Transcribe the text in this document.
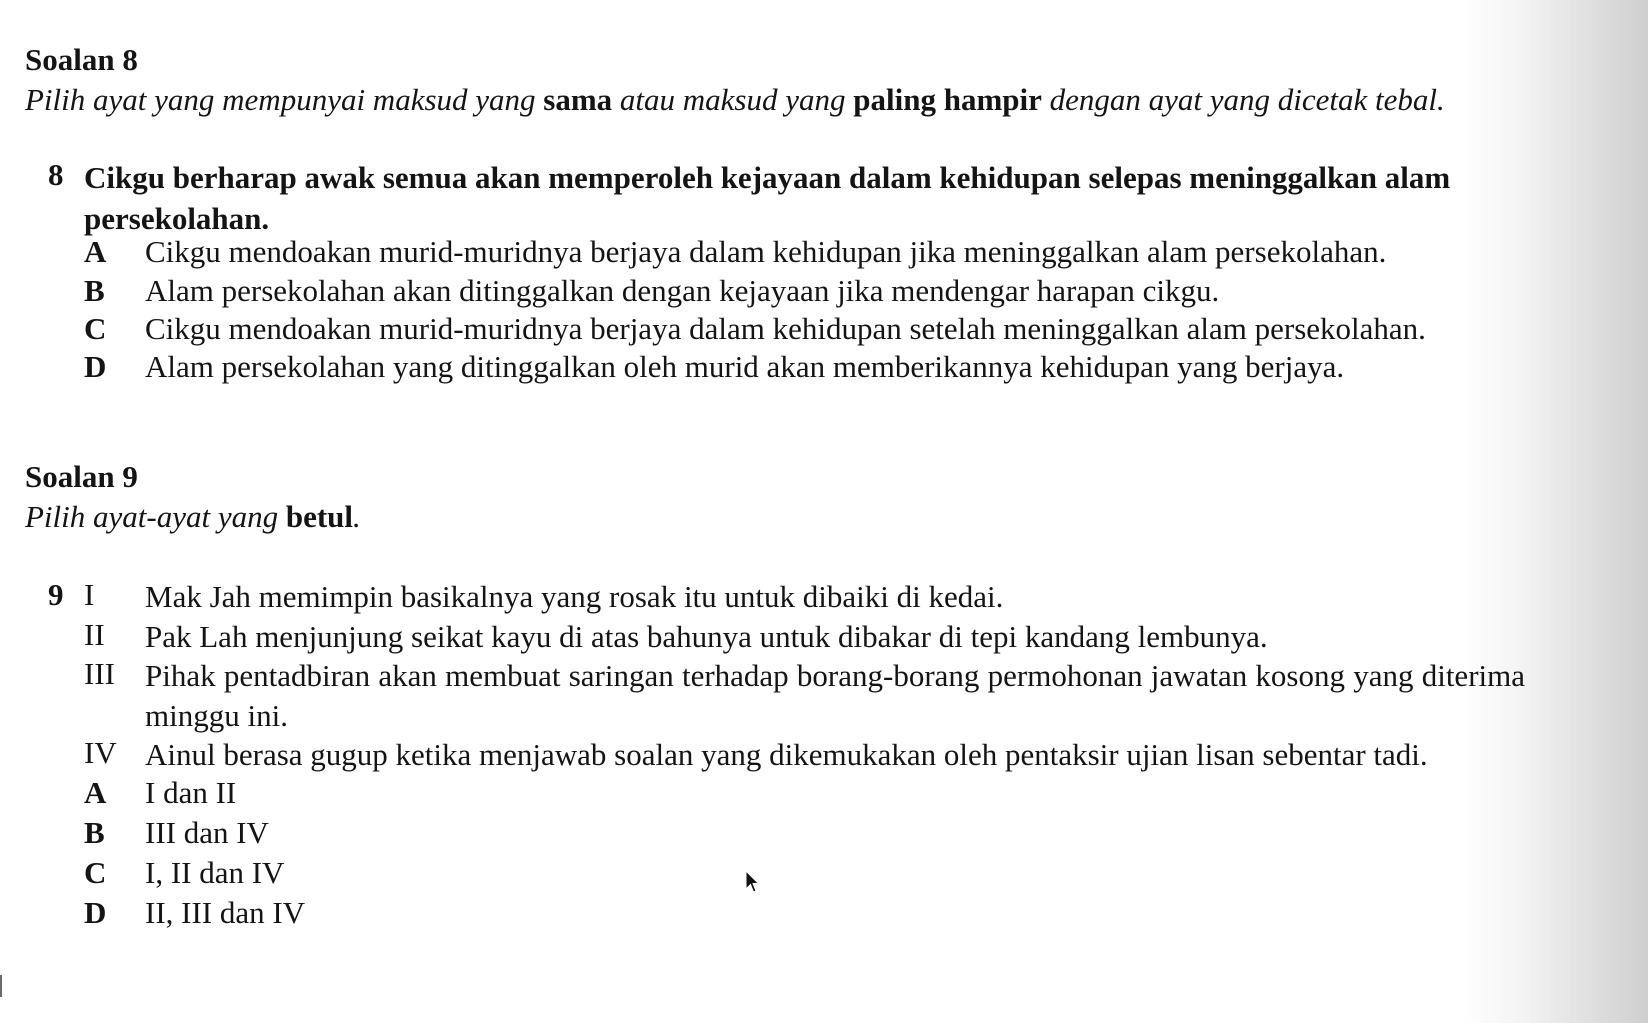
Soalan 8

Pilih ayat yang mempunyai maksud yang sama atau maksud yang paling hampir dengan ayat yang dicetak tebal.

8 Cikgu berharap awak semua akan memperoleh kejayaan dalam kehidupan selepas meninggalkan alam persekolahan.

A Cikgu mendoakan murid-muridnya berjaya dalam kehidupan jika meninggalkan alam persekolahan.

B Alam persekolahan akan ditinggalkan dengan kejayaan jika mendengar harapan cikgu.

C Cikgu mendoakan murid-muridnya berjaya dalam kehidupan setelah meninggalkan alam persekolahan.

D Alam persekolahan yang ditinggalkan oleh murid akan memberikannya kehidupan yang berjaya.

Soalan 9

Pilih ayat-ayat yang betul.

9 I Mak Jah memimpin basikalnya yang rosak itu untuk dibaiki di kedai.

II Pak Lah menjunjung seikat kayu di atas bahunya untuk dibakar di tepi kandang lembunya.

III Pihak pentadbiran akan membuat saringan terhadap borang-borang permohonan jawatan kosong yang diterima minggu ini.

IV Ainul berasa gugup ketika menjawab soalan yang dikemukakan oleh pentaksir ujian lisan sebentar tadi.

A I dan II

B III dan IV

C I, II dan IV

D II, III dan IV
